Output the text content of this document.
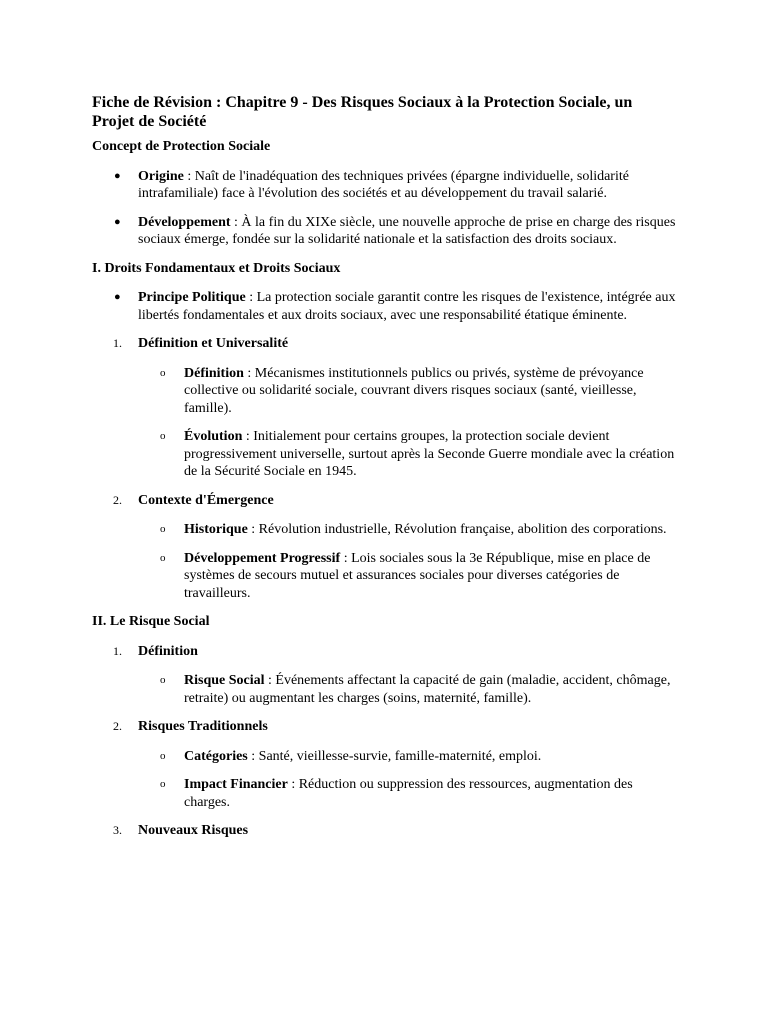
Fiche de Révision : Chapitre 9 - Des Risques Sociaux à la Protection Sociale, un Projet de Société
Concept de Protection Sociale
● Origine : Naît de l'inadéquation des techniques privées (épargne individuelle, solidarité intrafamiliale) face à l'évolution des sociétés et au développement du travail salarié.
● Développement : À la fin du XIXe siècle, une nouvelle approche de prise en charge des risques sociaux émerge, fondée sur la solidarité nationale et la satisfaction des droits sociaux.
I. Droits Fondamentaux et Droits Sociaux
● Principe Politique : La protection sociale garantit contre les risques de l'existence, intégrée aux libertés fondamentales et aux droits sociaux, avec une responsabilité étatique éminente.
1. Définition et Universalité
o Définition : Mécanismes institutionnels publics ou privés, système de prévoyance collective ou solidarité sociale, couvrant divers risques sociaux (santé, vieillesse, famille).
o Évolution : Initialement pour certains groupes, la protection sociale devient progressivement universelle, surtout après la Seconde Guerre mondiale avec la création de la Sécurité Sociale en 1945.
2. Contexte d'Émergence
o Historique : Révolution industrielle, Révolution française, abolition des corporations.
o Développement Progressif : Lois sociales sous la 3e République, mise en place de systèmes de secours mutuel et assurances sociales pour diverses catégories de travailleurs.
II. Le Risque Social
1. Définition
o Risque Social : Événements affectant la capacité de gain (maladie, accident, chômage, retraite) ou augmentant les charges (soins, maternité, famille).
2. Risques Traditionnels
o Catégories : Santé, vieillesse-survie, famille-maternité, emploi.
o Impact Financier : Réduction ou suppression des ressources, augmentation des charges.
3. Nouveaux Risques
